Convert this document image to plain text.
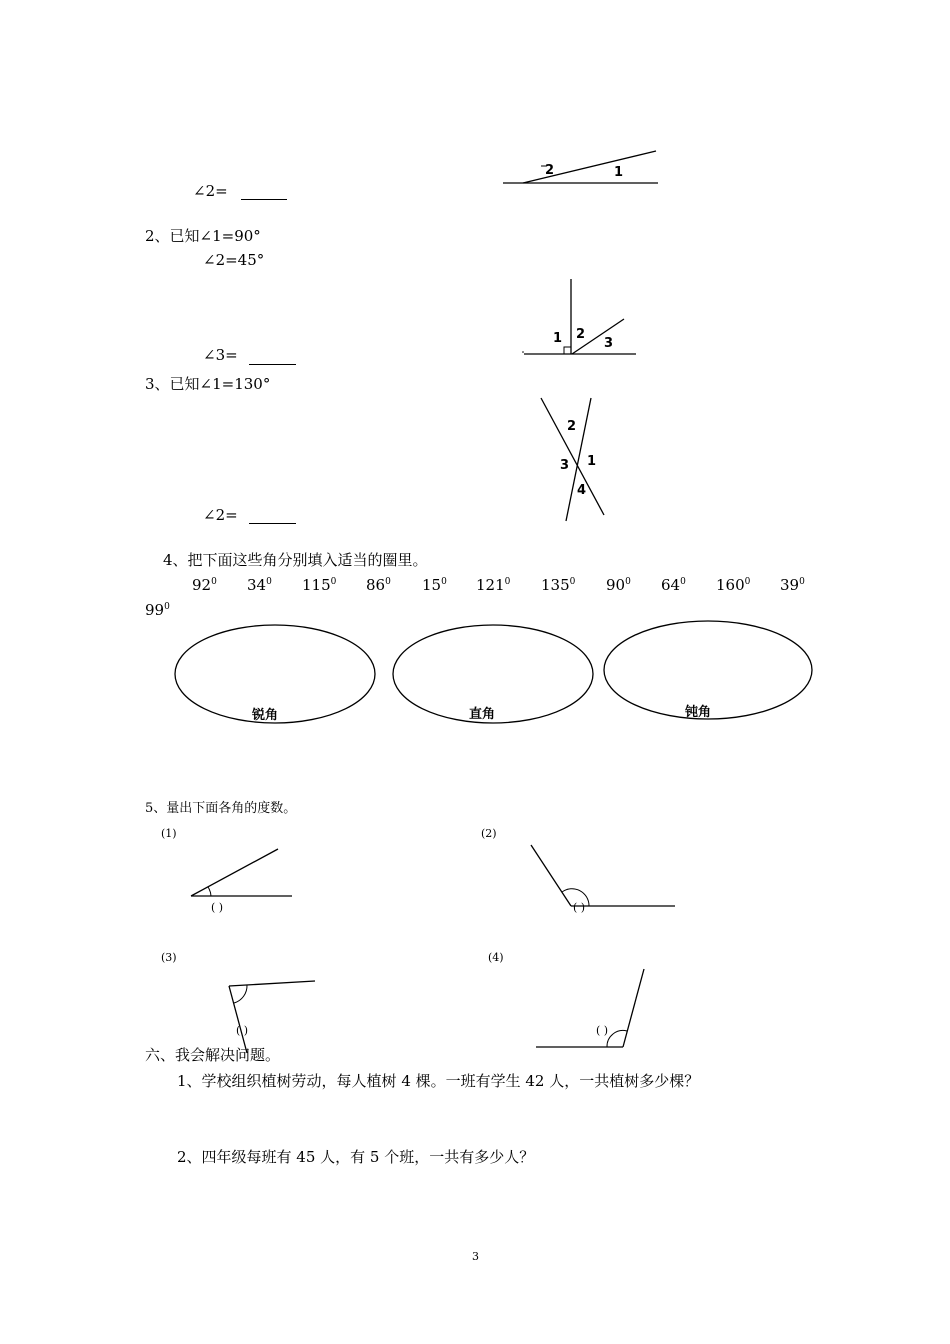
∠2=
2	1
2、已知∠1=90°
∠2=45°
∠3=
1 2
3
3、已知∠1=130°
∠2=
2
3 1
4
4、把下面这些角分别填入适当的圈里。
$92^0$ $34^0$ $115^0$ $86^0$ $15^0$ $121^0$ $135^0$ $90^0$ $64^0$ $160^0$ $39^0$
$99^0$
锐角	直角	钝角
5、量出下面各角的度数。
(1)	(2)
(3)	(4)
( )	( )
( )	( )
六、我会解决问题。
1、学校组织植树劳动，每人植树 4 棵。一班有学生 42 人，一共植树多少棵？
2、四年级每班有 45 人，有 5 个班，一共有多少人？
3
